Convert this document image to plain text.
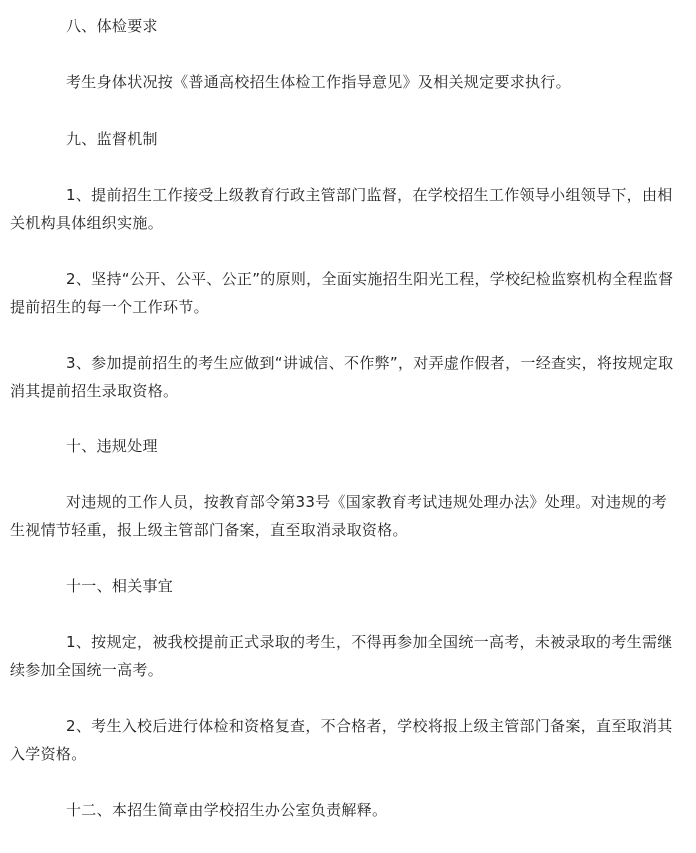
八、体检要求

考生身体状况按《普通高校招生体检工作指导意见》及相关规定要求执行。

九、监督机制

1、提前招生工作接受上级教育行政主管部门监督，在学校招生工作领导小组领导下，由相关机构具体组织实施。

2、坚持“公开、公平、公正”的原则，全面实施招生阳光工程，学校纪检监察机构全程监督提前招生的每一个工作环节。

3、参加提前招生的考生应做到“讲诚信、不作弊”，对弄虚作假者，一经查实，将按规定取消其提前招生录取资格。

十、违规处理

对违规的工作人员，按教育部令第33号《国家教育考试违规处理办法》处理。对违规的考生视情节轻重，报上级主管部门备案，直至取消录取资格。

十一、相关事宜

1、按规定，被我校提前正式录取的考生，不得再参加全国统一高考，未被录取的考生需继续参加全国统一高考。

2、考生入校后进行体检和资格复查，不合格者，学校将报上级主管部门备案，直至取消其入学资格。

十二、本招生简章由学校招生办公室负责解释。
